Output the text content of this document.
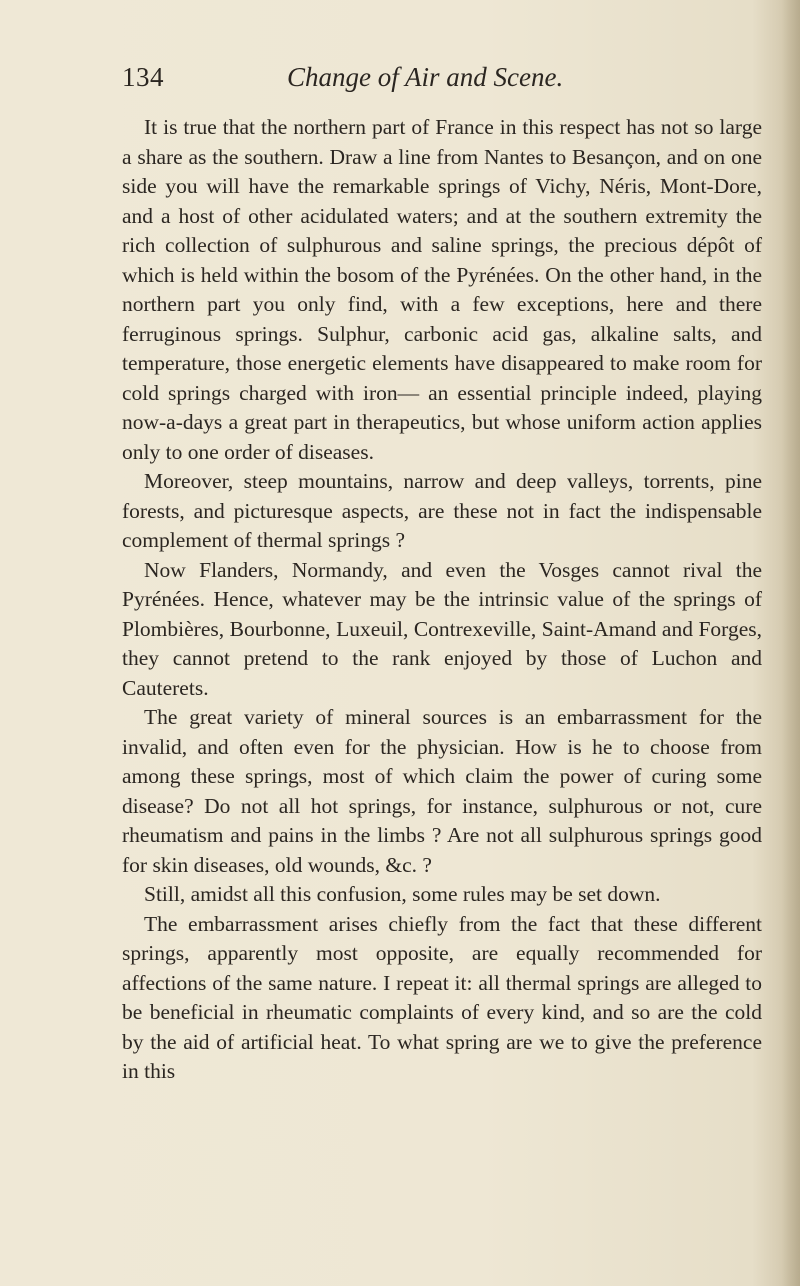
134	Change of Air and Scene.

It is true that the northern part of France in this respect has not so large a share as the southern. Draw a line from Nantes to Besançon, and on one side you will have the remarkable springs of Vichy, Néris, Mont-Dore, and a host of other acidulated waters; and at the southern extremity the rich collection of sulphurous and saline springs, the precious dépôt of which is held within the bosom of the Pyrénées. On the other hand, in the northern part you only find, with a few exceptions, here and there ferruginous springs. Sulphur, carbonic acid gas, alkaline salts, and temperature, those energetic elements have disappeared to make room for cold springs charged with iron— an essential principle indeed, playing now-a-days a great part in therapeutics, but whose uniform action applies only to one order of diseases.

Moreover, steep mountains, narrow and deep valleys, torrents, pine forests, and picturesque aspects, are these not in fact the indispensable complement of thermal springs ?

Now Flanders, Normandy, and even the Vosges cannot rival the Pyrénées. Hence, whatever may be the intrinsic value of the springs of Plombières, Bourbonne, Luxeuil, Contrexeville, Saint-Amand and Forges, they cannot pretend to the rank enjoyed by those of Luchon and Cauterets.

The great variety of mineral sources is an embarrassment for the invalid, and often even for the physician. How is he to choose from among these springs, most of which claim the power of curing some disease? Do not all hot springs, for instance, sulphurous or not, cure rheumatism and pains in the limbs ? Are not all sulphurous springs good for skin diseases, old wounds, &c. ?

Still, amidst all this confusion, some rules may be set down.

The embarrassment arises chiefly from the fact that these different springs, apparently most opposite, are equally recommended for affections of the same nature. I repeat it: all thermal springs are alleged to be beneficial in rheumatic complaints of every kind, and so are the cold by the aid of artificial heat. To what spring are we to give the preference in this
